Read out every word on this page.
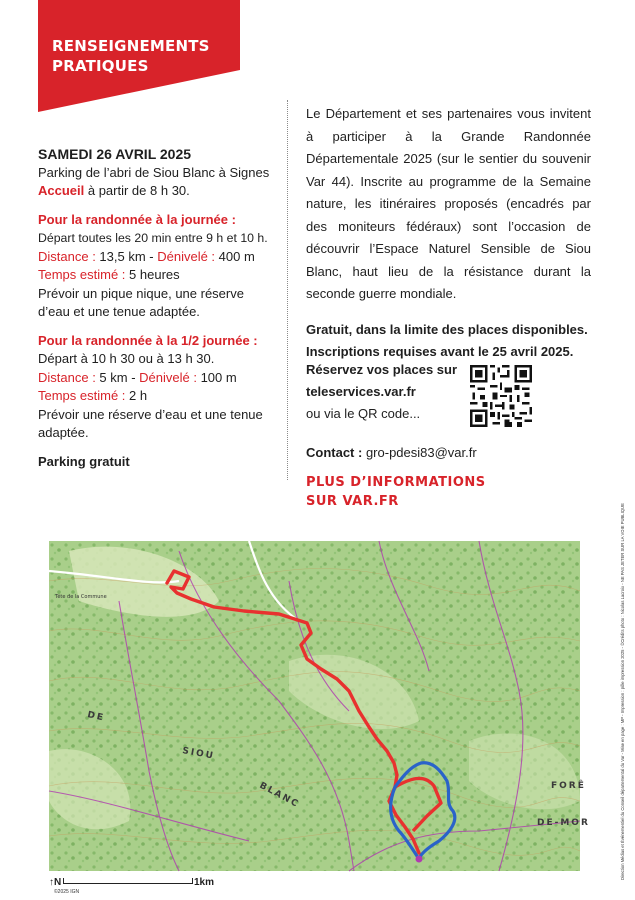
RENSEIGNEMENTS
PRATIQUES
SAMEDI 26 AVRIL 2025
Parking de l’abri de Siou Blanc à Signes
Accueil à partir de 8 h 30.
Pour la randonnée à la journée :
Départ toutes les 20 min entre 9 h et 10 h.
Distance : 13,5 km - Dénivelé : 400 m
Temps estimé : 5 heures
Prévoir un pique nique, une réserve d’eau et une tenue adaptée.
Pour la randonnée à la 1/2 journée :
Départ à 10 h 30 ou à 13 h 30.
Distance : 5 km - Dénivelé : 100 m
Temps estimé : 2 h
Prévoir une réserve d’eau et une tenue adaptée.
Parking gratuit

Le Département et ses partenaires vous invitent à participer à la Grande Randonnée Départementale 2025 (sur le sentier du souvenir Var 44). Inscrite au programme de la Semaine nature, les itinéraires proposés (encadrés par des moniteurs fédéraux) sont l’occasion de découvrir l’Espace Naturel Sensible de Siou Blanc, haut lieu de la résistance durant la seconde guerre mondiale.

Gratuit, dans la limite des places disponibles. Inscriptions requises avant le 25 avril 2025.

Réservez vos places sur
teleservices.var.fr
ou via le QR code...
Contact : gro-pdesi83@var.fr
PLUS D’INFORMATIONS
SUR VAR.FR
Direction Médias et Événementiel du Conseil départemental du Var - Mise en page : MP - Impression : pôle impression 2025 - ©Crédits photo : Nicolas Lacroix - NE PAS JETER SUR LA VOIE PUBLIQUE
Tête de la Commune
DE
SIOU
BLANC	FORÊ
DE-MOR
↑N	1km
©2025 IGN
